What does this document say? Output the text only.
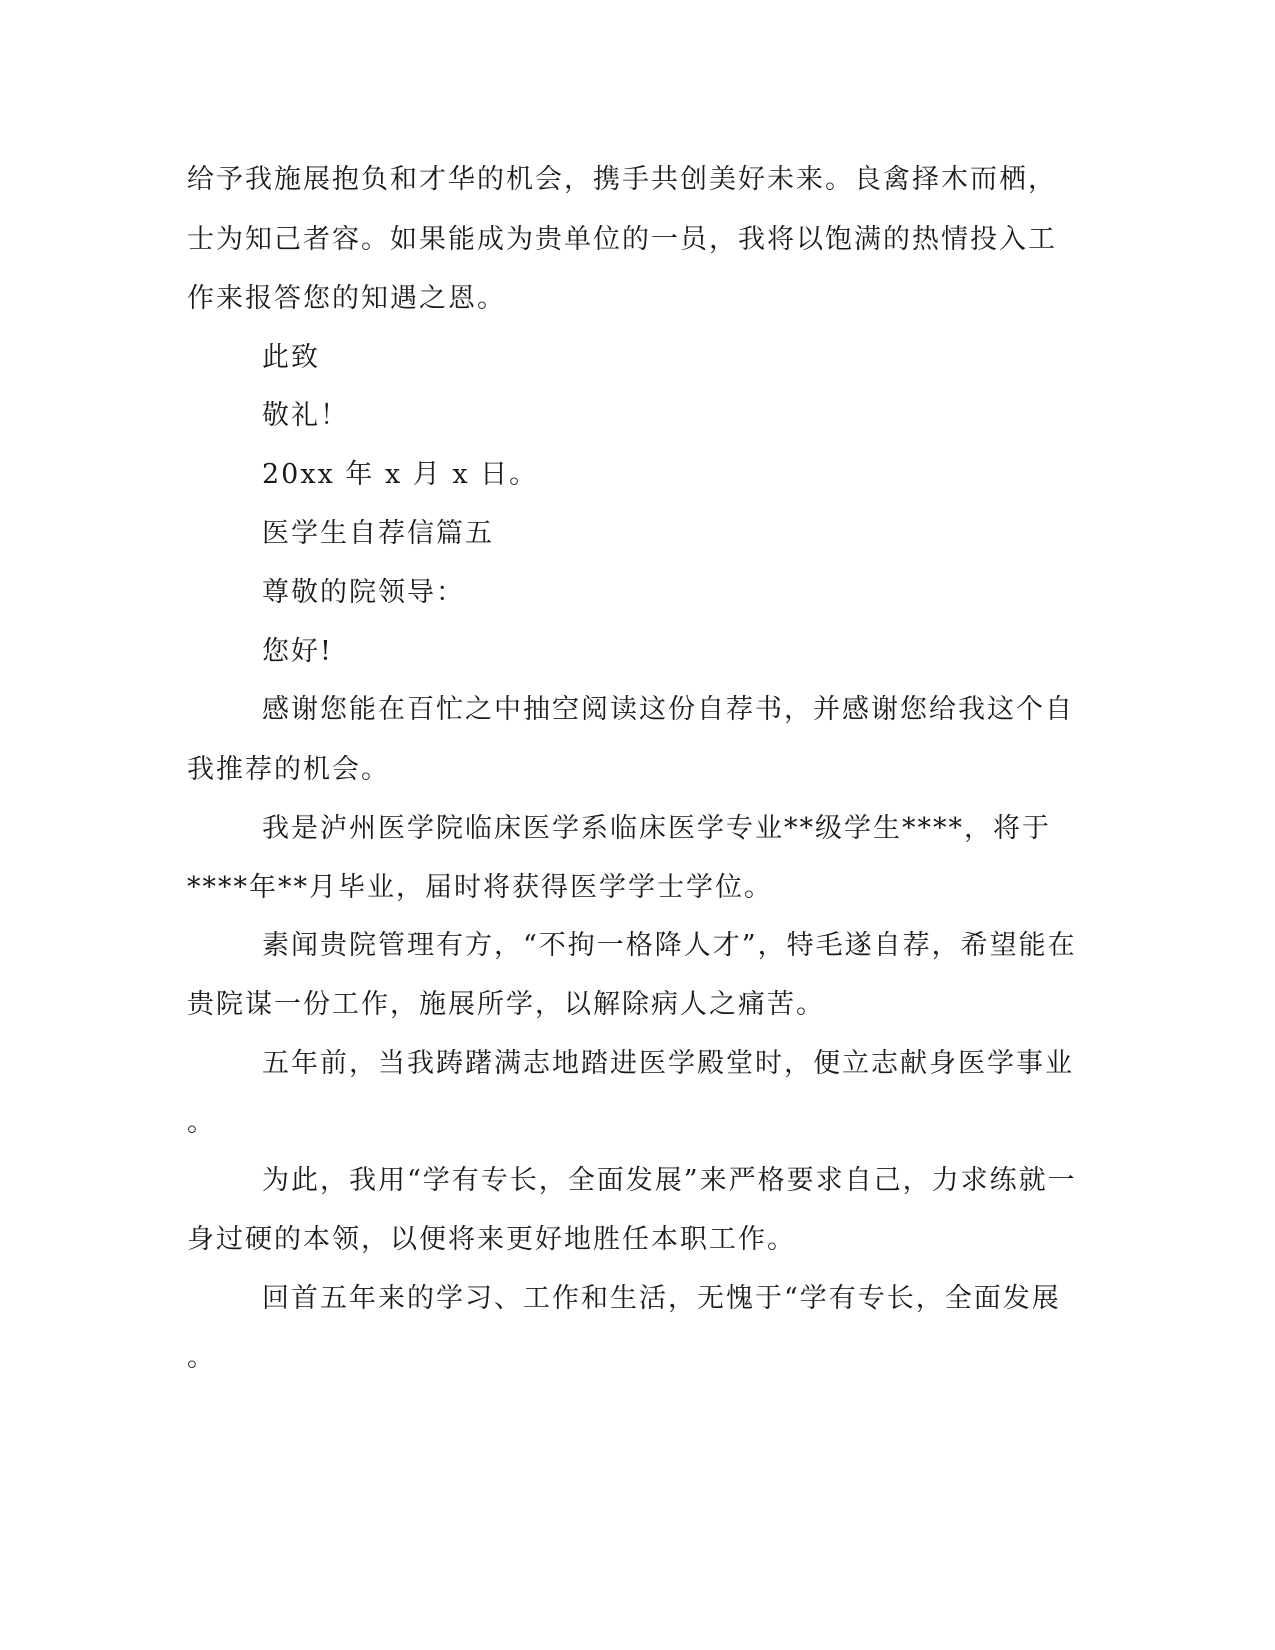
给予我施展抱负和才华的机会，携手共创美好未来。良禽择木而栖，
士为知己者容。如果能成为贵单位的一员，我将以饱满的热情投入工
作来报答您的知遇之恩。
此致
敬礼！
20xx 年 x 月 x 日。
医学生自荐信篇五
尊敬的院领导：
您好!
感谢您能在百忙之中抽空阅读这份自荐书，并感谢您给我这个自
我推荐的机会。
我是泸州医学院临床医学系临床医学专业**级学生****，将于
****年**月毕业，届时将获得医学学士学位。
素闻贵院管理有方，“不拘一格降人才”，特毛遂自荐，希望能在
贵院谋一份工作，施展所学，以解除病人之痛苦。
五年前，当我踌躇满志地踏进医学殿堂时，便立志献身医学事业
。
为此，我用“学有专长，全面发展”来严格要求自己，力求练就一
身过硬的本领，以便将来更好地胜任本职工作。
回首五年来的学习、工作和生活，无愧于“学有专长，全面发展
。
